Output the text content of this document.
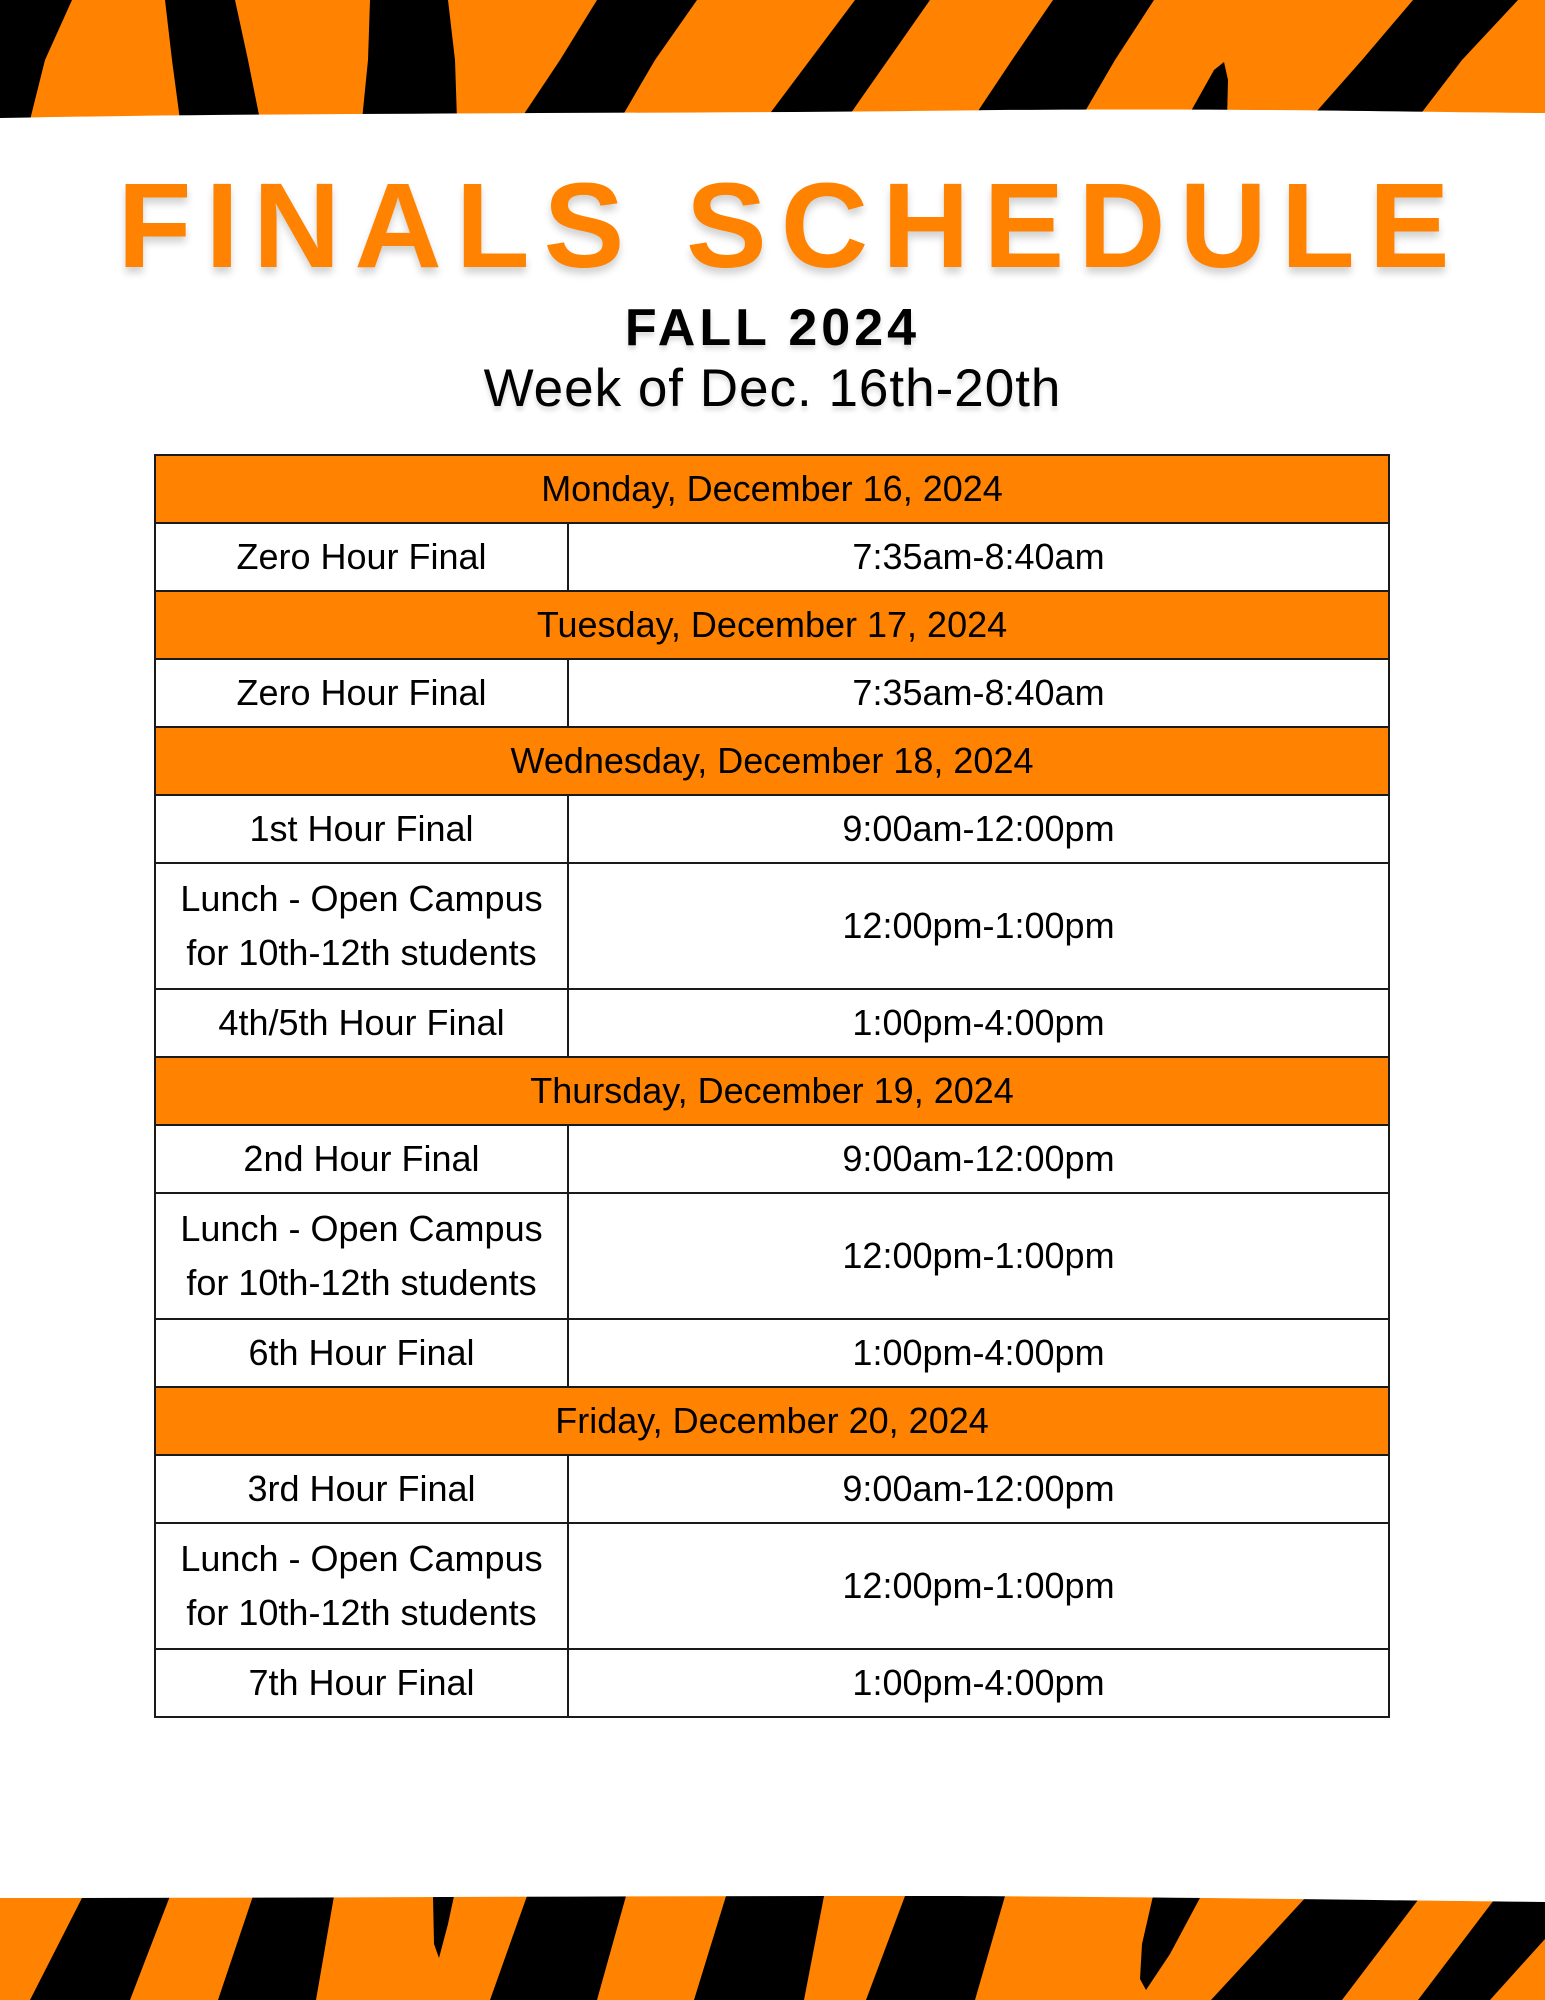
FINALS SCHEDULE
FALL 2024
Week of Dec. 16th-20th
Monday, December 16, 2024	
Zero Hour Final	7:35am-8:40am
Tuesday, December 17, 2024	
Zero Hour Final	7:35am-8:40am
Wednesday, December 18, 2024	
1st Hour Final	9:00am-12:00pm
Lunch - Open Campus for 10th-12th students	12:00pm-1:00pm
4th/5th Hour Final	1:00pm-4:00pm
Thursday, December 19, 2024	
2nd Hour Final	9:00am-12:00pm
Lunch - Open Campus for 10th-12th students	12:00pm-1:00pm
6th Hour Final	1:00pm-4:00pm
Friday, December 20, 2024	
3rd Hour Final	9:00am-12:00pm
Lunch - Open Campus for 10th-12th students	12:00pm-1:00pm
7th Hour Final	1:00pm-4:00pm
